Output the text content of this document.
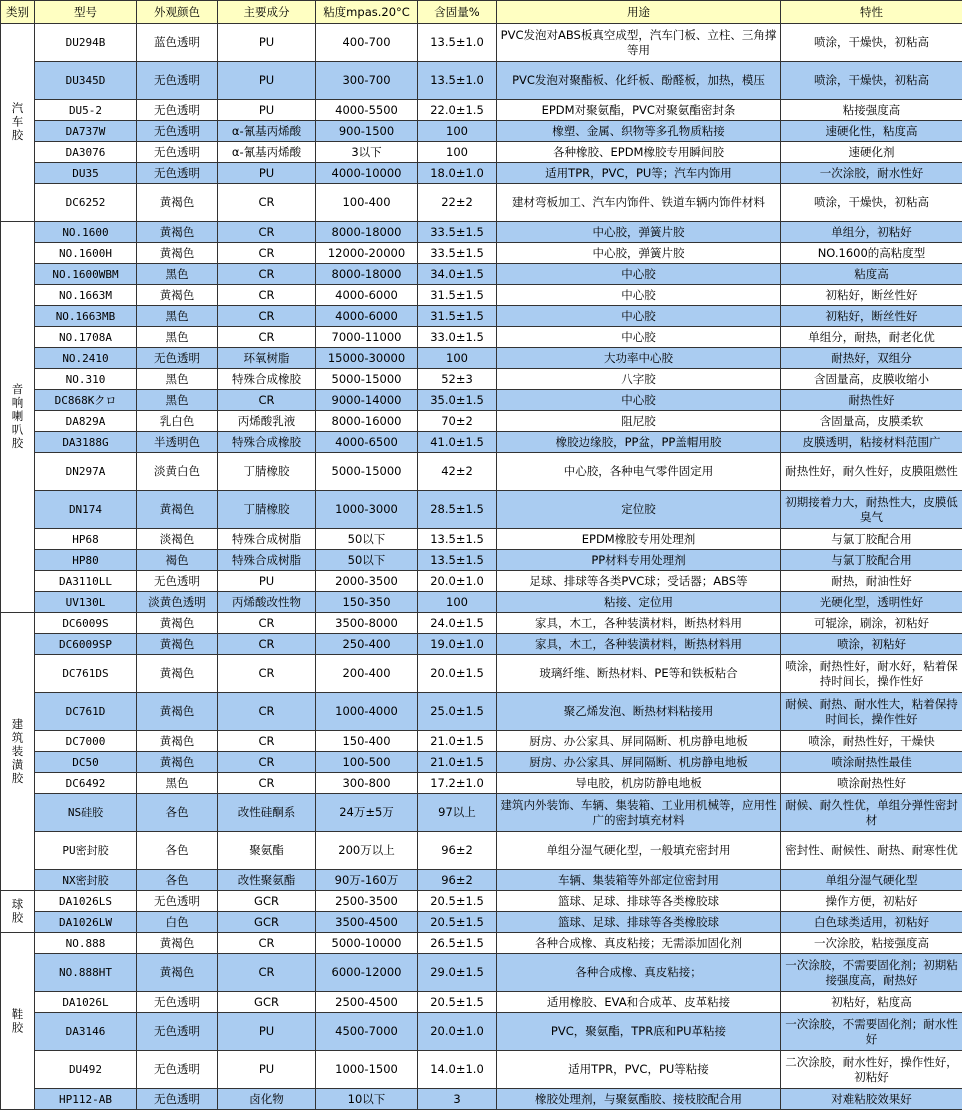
类别	型号	外观颜色	主要成分	粘度mpas.20°C	含固量%	用途	特性
汽车胶	DU294B	蓝色透明	PU	400-700	13.5±1.0	PVC发泡对ABS板真空成型，汽车门板、立柱、三角撑等用	喷涂，干燥快，初粘高
	DU345D	无色透明	PU	300-700	13.5±1.0	PVC发泡对聚酯板、化纤板、酚醛板，加热，模压	喷涂，干燥快，初粘高
	DU5-2	无色透明	PU	4000-5500	22.0±1.5	EPDM对聚氨酯，PVC对聚氨酯密封条	粘接强度高
	DA737W	无色透明	α-氰基丙烯酸	900-1500	100	橡塑、金属、织物等多孔物质粘接	速硬化性，粘度高
	DA3076	无色透明	α-氰基丙烯酸	3以下	100	各种橡胶、EPDM橡胶专用瞬间胶	速硬化剂
	DU35	无色透明	PU	4000-10000	18.0±1.0	适用TPR，PVC，PU等；汽车内饰用	一次涂胶，耐水性好
	DC6252	黄褐色	CR	100-400	22±2	建材弯板加工、汽车内饰件、铁道车辆内饰件材料	喷涂，干燥快，初粘高
音响喇叭胶	NO.1600	黄褐色	CR	8000-18000	33.5±1.5	中心胶，弹簧片胶	单组分，初粘好
	NO.1600H	黄褐色	CR	12000-20000	33.5±1.5	中心胶，弹簧片胶	NO.1600的高粘度型
	NO.1600WBM	黑色	CR	8000-18000	34.0±1.5	中心胶	粘度高
	NO.1663M	黄褐色	CR	4000-6000	31.5±1.5	中心胶	初粘好，断丝性好
	NO.1663MB	黑色	CR	4000-6000	31.5±1.5	中心胶	初粘好，断丝性好
	NO.1708A	黑色	CR	7000-11000	33.0±1.5	中心胶	单组分，耐热，耐老化优
	NO.2410	无色透明	环氧树脂	15000-30000	100	大功率中心胶	耐热好，双组分
	NO.310	黑色	特殊合成橡胶	5000-15000	52±3	八字胶	含固量高，皮膜收缩小
	DC868Kクロ	黑色	CR	9000-14000	35.0±1.5	中心胶	耐热性好
	DA829A	乳白色	丙烯酸乳液	8000-16000	70±2	阻尼胶	含固量高，皮膜柔软
	DA3188G	半透明色	特殊合成橡胶	4000-6500	41.0±1.5	橡胶边缘胶，PP盆，PP盖帽用胶	皮膜透明，粘接材料范围广
	DN297A	淡黄白色	丁腈橡胶	5000-15000	42±2	中心胶，各种电气零件固定用	耐热性好，耐久性好，皮膜阻燃性
	DN174	黄褐色	丁腈橡胶	1000-3000	28.5±1.5	定位胶	初期接着力大，耐热性大，皮膜低臭气
	HP68	淡褐色	特殊合成树脂	50以下	13.5±1.5	EPDM橡胶专用处理剂	与氯丁胶配合用
	HP80	褐色	特殊合成树脂	50以下	13.5±1.5	PP材料专用处理剂	与氯丁胶配合用
	DA3110LL	无色透明	PU	2000-3500	20.0±1.0	足球、排球等各类PVC球；受话器；ABS等	耐热，耐油性好
	UV130L	淡黄色透明	丙烯酸改性物	150-350	100	粘接、定位用	光硬化型，透明性好
建筑装潢胶	DC6009S	黄褐色	CR	3500-8000	24.0±1.5	家具，木工，各种装潢材料，断热材料用	可辊涂，刷涂，初粘好
	DC6009SP	黄褐色	CR	250-400	19.0±1.0	家具，木工，各种装潢材料，断热材料用	喷涂，初粘好
	DC761DS	黄褐色	CR	200-400	20.0±1.5	玻璃纤维、断热材料、PE等和铁板粘合	喷涂，耐热性好，耐水好，粘着保持时间长，操作性好
	DC761D	黄褐色	CR	1000-4000	25.0±1.5	聚乙烯发泡、断热材料粘接用	耐候、耐热、耐水性大，粘着保持时间长，操作性好
	DC7000	黄褐色	CR	150-400	21.0±1.5	厨房、办公家具、屏同隔断、机房静电地板	喷涂，耐热性好，干燥快
	DC50	黄褐色	CR	100-500	21.0±1.5	厨房、办公家具、屏同隔断、机房静电地板	喷涂耐热性最佳
	DC6492	黑色	CR	300-800	17.2±1.0	导电胶，机房防静电地板	喷涂耐热性好
	NS硅胶	各色	改性硅酮系	24万±5万	97以上	建筑内外装饰、车辆、集装箱、工业用机械等，应用性广的密封填充材料	耐候、耐久性优，单组分弹性密封材
	PU密封胶	各色	聚氨酯	200万以上	96±2	单组分湿气硬化型，一般填充密封用	密封性、耐候性、耐热、耐寒性优
	NX密封胶	各色	改性聚氨酯	90万-160万	96±2	车辆、集装箱等外部定位密封用	单组分湿气硬化型
球胶	DA1026LS	无色透明	GCR	2500-3500	20.5±1.5	篮球、足球、排球等各类橡胶球	操作方便，初粘好
	DA1026LW	白色	GCR	3500-4500	20.5±1.5	篮球、足球、排球等各类橡胶球	白色球类适用，初粘好
鞋胶	NO.888	黄褐色	CR	5000-10000	26.5±1.5	各种合成橡、真皮粘接；无需添加固化剂	一次涂胶，粘接强度高
	NO.888HT	黄褐色	CR	6000-12000	29.0±1.5	各种合成橡、真皮粘接；	一次涂胶，不需要固化剂；初期粘接强度高，耐热好
	DA1026L	无色透明	GCR	2500-4500	20.5±1.5	适用橡胶、EVA和合成革、皮革粘接	初粘好，粘度高
	DA3146	无色透明	PU	4500-7000	20.0±1.0	PVC，聚氨酯，TPR底和PU革粘接	一次涂胶，不需要固化剂；耐水性好
	DU492	无色透明	PU	1000-1500	14.0±1.0	适用TPR，PVC，PU等粘接	二次涂胶，耐水性好，操作性好，初粘好
	HP112-AB	无色透明	卤化物	10以下	3	橡胶处理剂，与聚氨酯胶、接枝胶配合用	对难粘胶效果好
